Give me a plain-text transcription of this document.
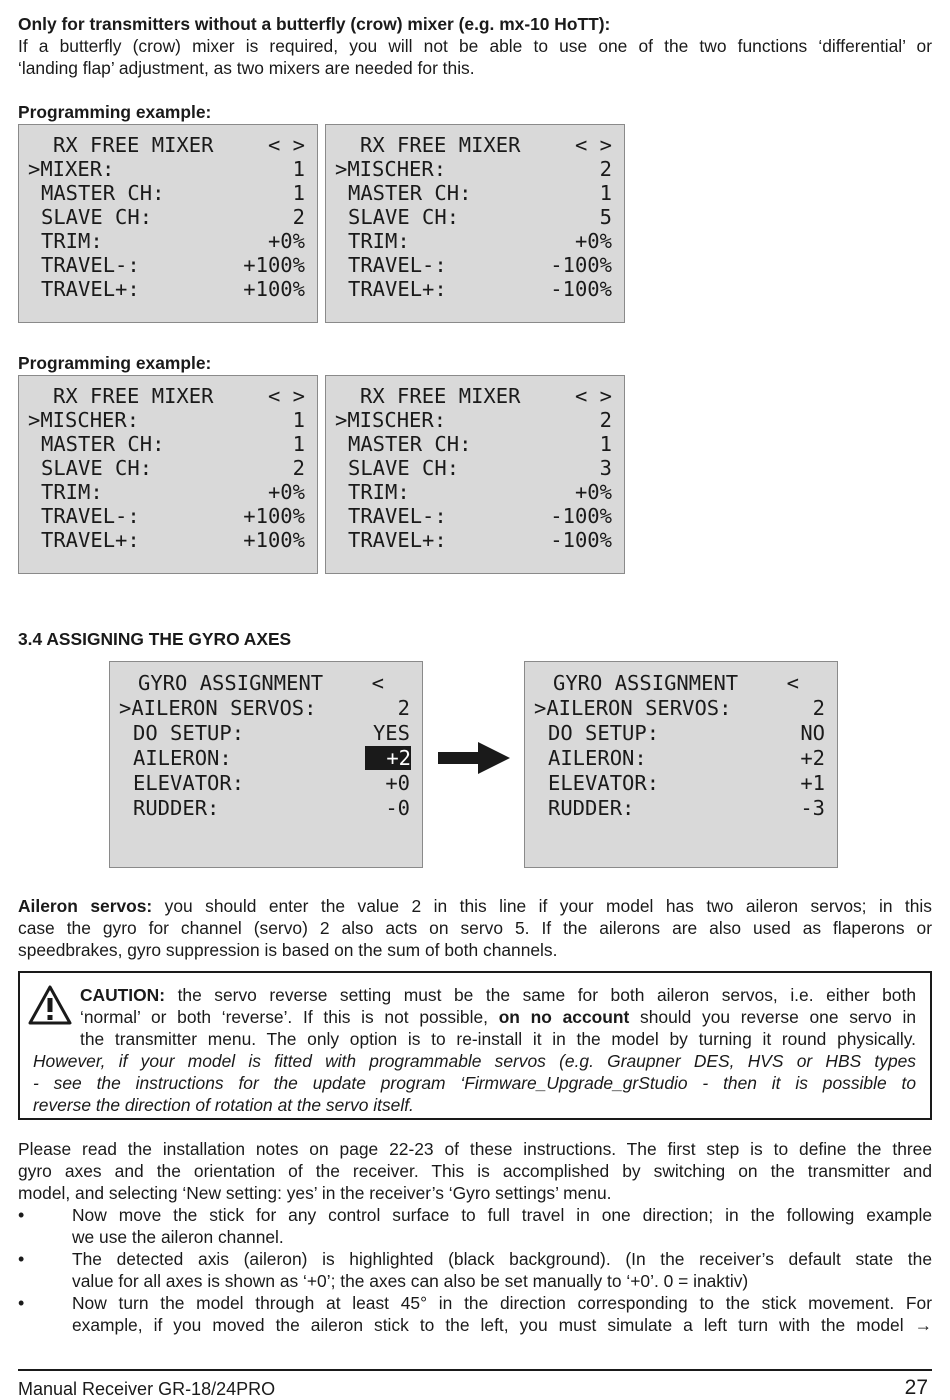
Only for transmitters without a butterfly (crow) mixer (e.g. mx-10 HoTT):
If a butterfly (crow) mixer is required, you will not be able to use one of the two functions ‘differential’ or
‘landing flap’ adjustment, as two mixers are needed for this.
Programming example:
RX FREE MIXER	< >
>MIXER:	1
MASTER CH:	1
SLAVE CH:	2
TRIM:	+0%
TRAVEL-:	+100%
TRAVEL+:	+100%
RX FREE MIXER	< >
>MISCHER:	2
MASTER CH:	1
SLAVE CH:	5
TRIM:	+0%
TRAVEL-:	-100%
TRAVEL+:	-100%
Programming example:
RX FREE MIXER	< >
>MISCHER:	1
MASTER CH:	1
SLAVE CH:	2
TRIM:	+0%
TRAVEL-:	+100%
TRAVEL+:	+100%
RX FREE MIXER	< >
>MISCHER:	2
MASTER CH:	1
SLAVE CH:	3
TRIM:	+0%
TRAVEL-:	-100%
TRAVEL+:	-100%
3.4 ASSIGNING THE GYRO AXES
GYRO ASSIGNMENT <
>AILERON SERVOS:	2
DO SETUP:	YES
AILERON:	+2
ELEVATOR:	+0
RUDDER:	-0
GYRO ASSIGNMENT <
>AILERON SERVOS:	2
DO SETUP:	NO
AILERON:	+2
ELEVATOR:	+1
RUDDER:	-3
Aileron servos: you should enter the value 2 in this line if your model has two aileron servos; in this
case the gyro for channel (servo) 2 also acts on servo 5. If the ailerons are also used as flaperons or
speedbrakes, gyro suppression is based on the sum of both channels.
CAUTION: the servo reverse setting must be the same for both aileron servos, i.e. either both
‘normal’ or both ‘reverse’. If this is not possible, on no account should you reverse one servo in
the transmitter menu. The only option is to re-install it in the model by turning it round physically.
However, if your model is fitted with programmable servos (e.g. Graupner DES, HVS or HBS types
- see the instructions for the update program ‘Firmware_Upgrade_grStudio - then it is possible to
reverse the direction of rotation at the servo itself.
Please read the installation notes on page 22-23 of these instructions. The first step is to define the three
gyro axes and the orientation of the receiver. This is accomplished by switching on the transmitter and
model, and selecting ‘New setting: yes’ in the receiver’s ‘Gyro settings’ menu.
•	Now move the stick for any control surface to full travel in one direction; in the following example
we use the aileron channel.
•	The detected axis (aileron) is highlighted (black background). (In the receiver’s default state the
value for all axes is shown as ‘+0’; the axes can also be set manually to ‘+0’. 0 = inaktiv)
•	Now turn the model through at least 45° in the direction corresponding to the stick movement. For
example, if you moved the aileron stick to the left, you must simulate a left turn with the model →
Manual Receiver GR-18/24PRO	27
